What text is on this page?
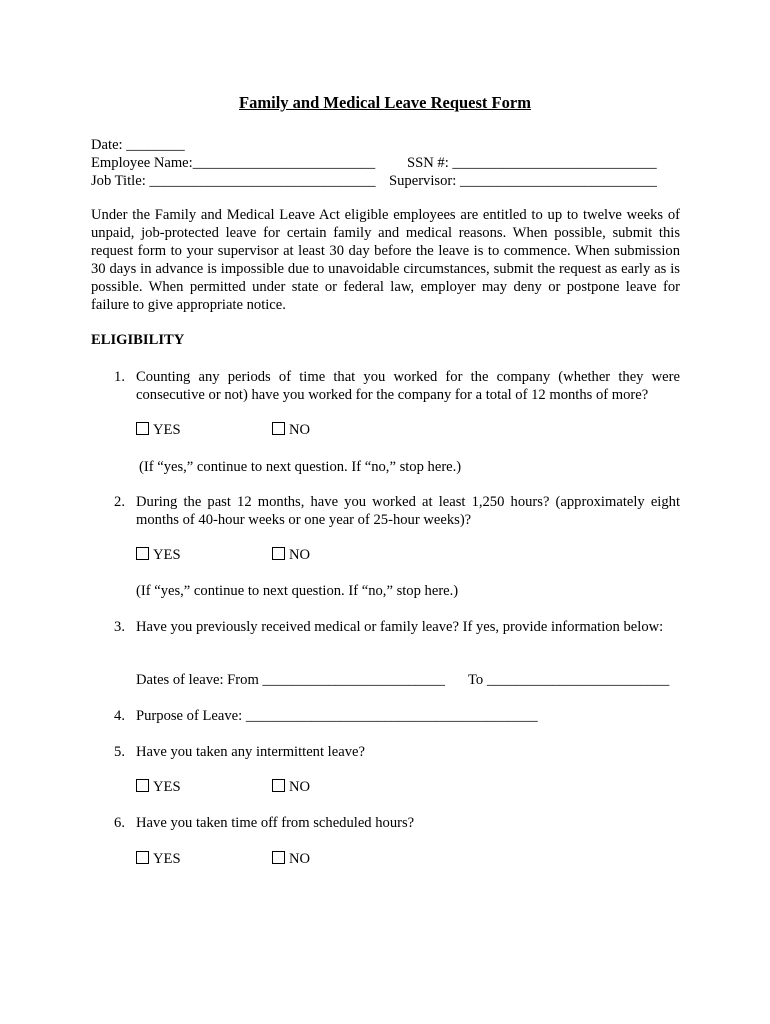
Family and Medical Leave Request Form
Date: ________
Employee Name:_________________________ SSN #: ____________________________
Job Title: _______________________________ Supervisor: ___________________________
Under the Family and Medical Leave Act eligible employees are entitled to up to twelve weeks of unpaid, job-protected leave for certain family and medical reasons. When possible, submit this request form to your supervisor at least 30 day before the leave is to commence. When submission 30 days in advance is impossible due to unavoidable circumstances, submit the request as early as is possible. When permitted under state or federal law, employer may deny or postpone leave for failure to give appropriate notice.
ELIGIBILITY
1. Counting any periods of time that you worked for the company (whether they were consecutive or not) have you worked for the company for a total of 12 months of more?
YES	NO
(If “yes,” continue to next question. If “no,” stop here.)
2. During the past 12 months, have you worked at least 1,250 hours? (approximately eight months of 40-hour weeks or one year of 25-hour weeks)?
YES	NO
(If “yes,” continue to next question. If “no,” stop here.)
3. Have you previously received medical or family leave? If yes, provide information below:
Dates of leave: From _________________________ To _________________________
4. Purpose of Leave: ________________________________________
5. Have you taken any intermittent leave?
YES	NO
6. Have you taken time off from scheduled hours?
YES	NO
